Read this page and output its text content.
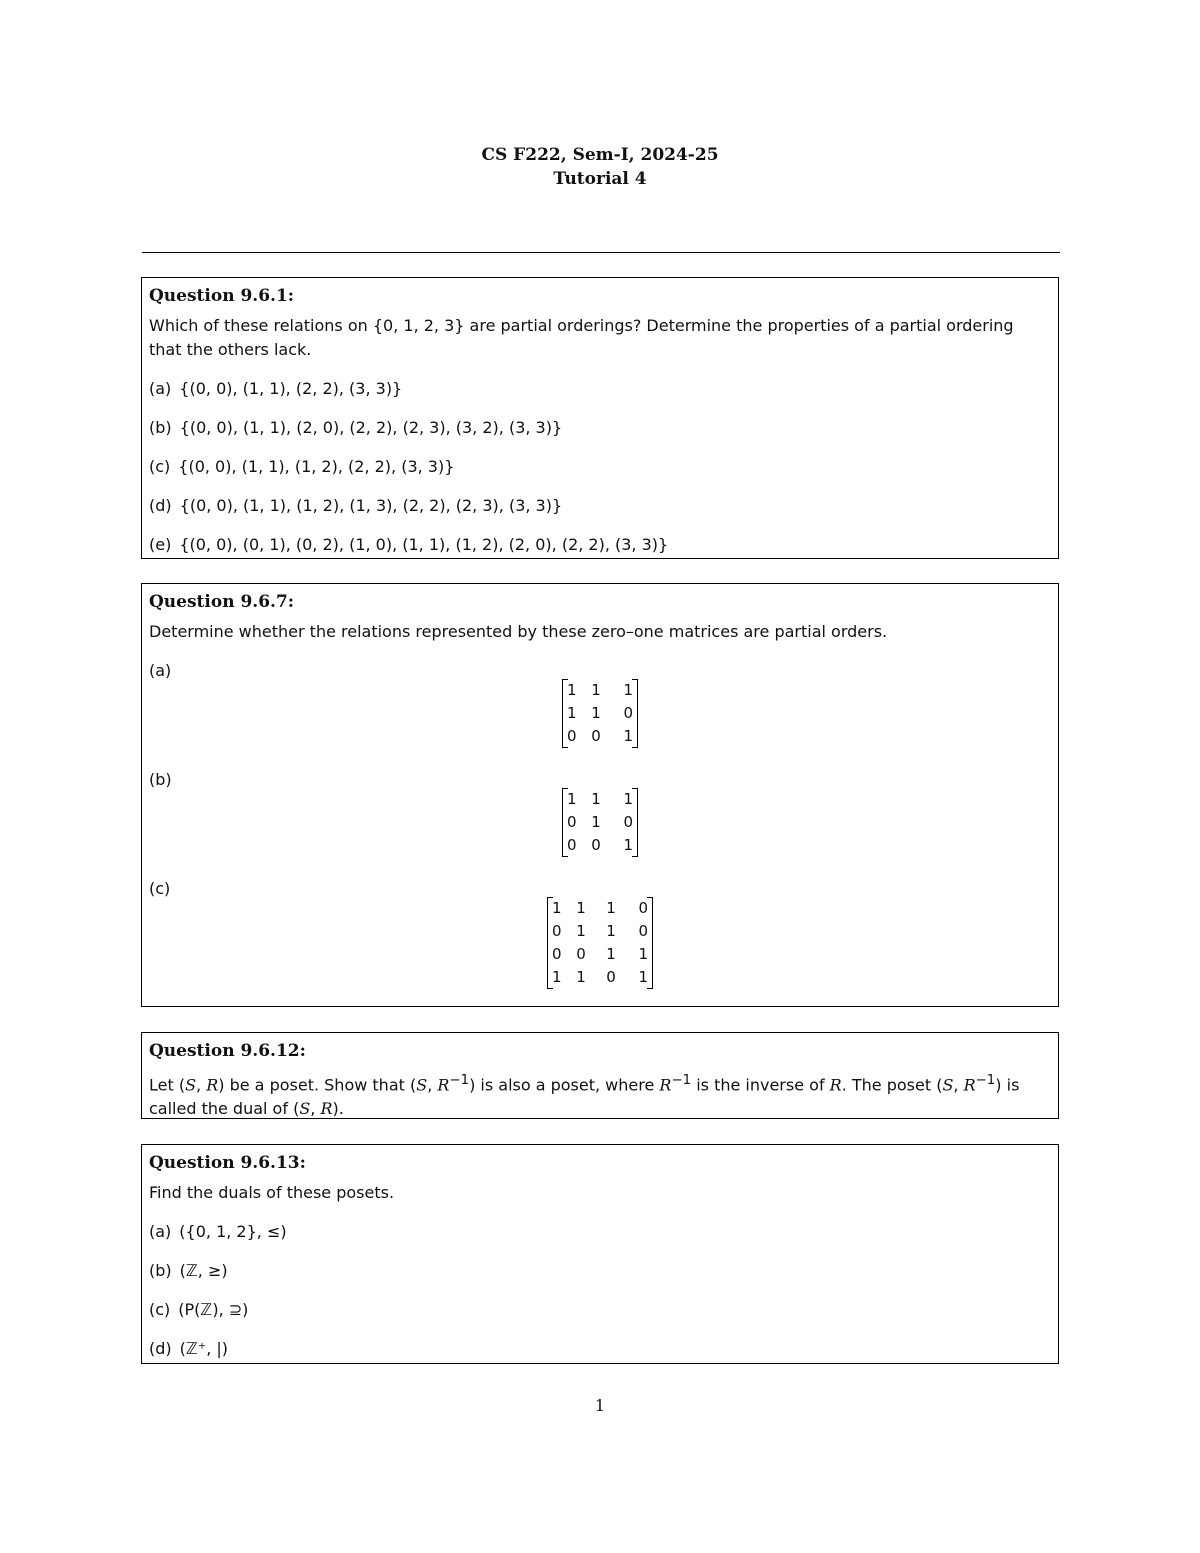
CS F222, Sem-I, 2024-25
Tutorial 4
Question 9.6.1:
Which of these relations on {0, 1, 2, 3} are partial orderings? Determine the properties of a partial ordering that the others lack.
(a) {(0, 0), (1, 1), (2, 2), (3, 3)}
(b) {(0, 0), (1, 1), (2, 0), (2, 2), (2, 3), (3, 2), (3, 3)}
(c) {(0, 0), (1, 1), (1, 2), (2, 2), (3, 3)}
(d) {(0, 0), (1, 1), (1, 2), (1, 3), (2, 2), (2, 3), (3, 3)}
(e) {(0, 0), (0, 1), (0, 2), (1, 0), (1, 1), (1, 2), (2, 0), (2, 2), (3, 3)}
Question 9.6.7:
Determine whether the relations represented by these zero–one matrices are partial orders.
(a)
1 1	1
1 1	0
0 0	1
(b)
1 1	1
0 1	0
0 0	1
(c)
1 1	1	0
0 1	1	0
0 0	1	1
1 1	0	1
Question 9.6.12:
Let (S, R) be a poset. Show that (S, $R^{-1}$) is also a poset, where $R^{-1}$ is the inverse of R. The poset (S, $R^{-1}$) is called the dual of (S, R).
Question 9.6.13:
Find the duals of these posets.
(a) ({0, 1, 2}, ≤)
(b) (ℤ, ≥)
(c) (P(ℤ), ⊇)
(d) (ℤ⁺, |)
1
